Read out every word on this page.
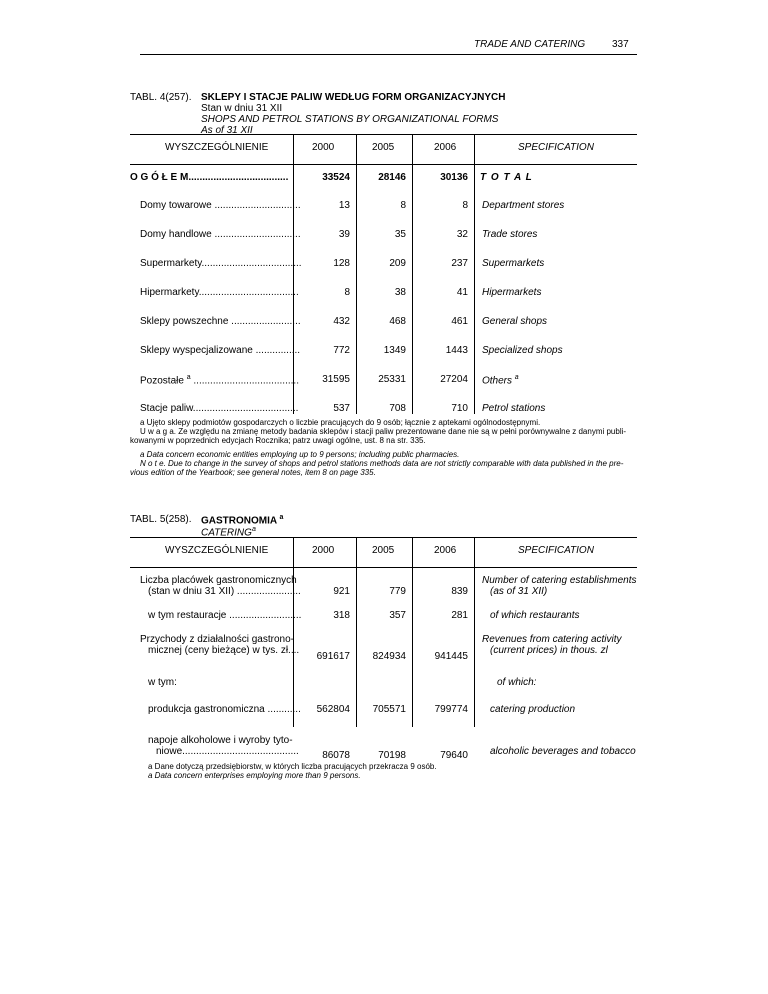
TRADE AND CATERING	337
TABL. 4(257). SKLEPY I STACJE PALIW WEDŁUG FORM ORGANIZACYJNYCH
Stan w dniu 31 XII
SHOPS AND PETROL STATIONS BY ORGANIZATIONAL FORMS
As of 31 XII
WYSZCZEGÓLNIENIE	2000	2005	2006	SPECIFICATION
O G Ó Ł E M....................................	33524	28146	30136 T O T A L
Domy towarowe ...............................	13	8	8 Department stores
Domy handlowe ...............................	39	35	32 Trade stores
Supermarkety....................................	128	209	237 Supermarkets
Hipermarkety....................................	8	38	41 Hipermarkets
Sklepy powszechne .........................	432	468	461 General shops
Sklepy wyspecjalizowane ................	772	1349	1443 Specialized shops
Pozostałe $^a$ ...................................... 31595	25331	27204 Others $^a$
Stacje paliw......................................	537	708	710 Petrol stations
a Ujęto sklepy podmiotów gospodarczych o liczbie pracujących do 9 osób; łącznie z aptekami ogólnodostępnymi.
U w a g a. Ze względu na zmianę metody badania sklepów i stacji paliw prezentowane dane nie są w pełni porównywalne z danymi publi-
kowanymi w poprzednich edycjach Rocznika; patrz uwagi ogólne, ust. 8 na str. 335.
a Data concern economic entities employing up to 9 persons; including public pharmacies.
N o t e. Due to change in the survey of shops and petrol stations methods data are not strictly comparable with data published in the pre-
vious edition of the Yearbook; see general notes, item 8 on page 335.
TABL. 5(258). GASTRONOMIA $^a$
CATERING$^a$
WYSZCZEGÓLNIENIE	2000	2005	2006	SPECIFICATION
Liczba placówek gastronomicznych
(stan w dniu 31 XII) .......................	921	779	839
Number of catering establishments
(as of 31 XII)
w tym restauracje ..........................	318	357	281 of which restaurants
Przychody z działalności gastrono-
micznej (ceny bieżące) w tys. zł....
691617 824934	941445
Revenues from catering activity
(current prices) in thous. zl
w tym:	of which:
produkcja gastronomiczna ............ 562804 705571	799774 catering production
napoje alkoholowe i wyroby tyto-
niowe.......................................... 86078	70198	79640 alcoholic beverages and tobacco
a Dane dotyczą przedsiębiorstw, w których liczba pracujących przekracza 9 osób.
a Data concern enterprises employing more than 9 persons.
